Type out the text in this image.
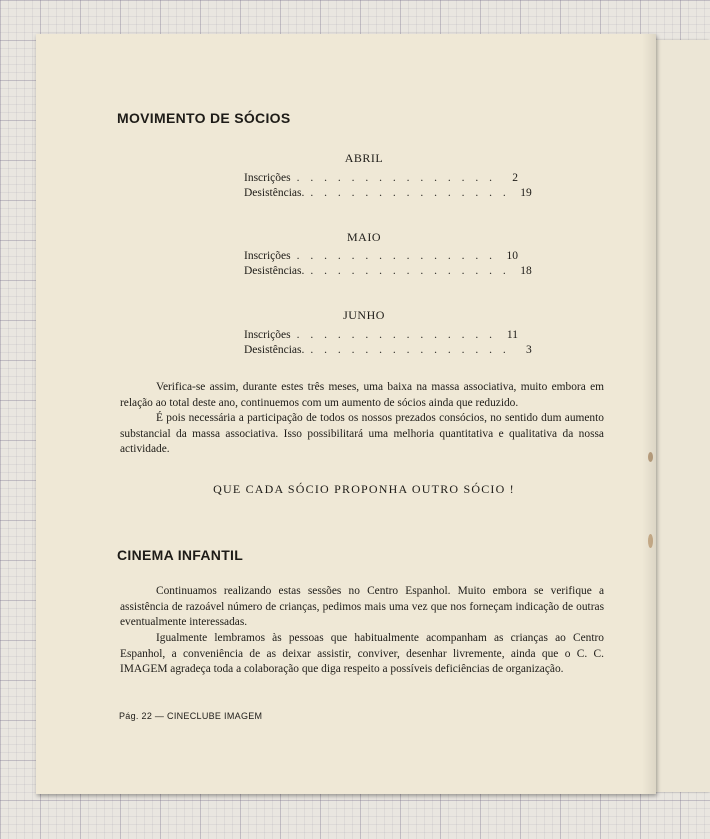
MOVIMENTO DE SÓCIOS
ABRIL
Inscrições . . . . . . . . . . . . . . .	2
Desistências. . . . . . . . . . . . . . . . 19
MAIO
Inscrições . . . . . . . . . . . . . . . 10
Desistências. . . . . . . . . . . . . . . . 18
JUNHO
Inscrições . . . . . . . . . . . . . . . 11
Desistências. . . . . . . . . . . . . . . .	3

Verifica-se assim, durante estes três meses, uma baixa na massa associativa, muito embora em relação ao total deste ano, continuemos com um aumento de sócios ainda que reduzido.

É pois necessária a participação de todos os nossos prezados consócios, no sentido dum aumento substancial da massa associativa. Isso possibilitará uma melhoria quantitativa e qualitativa da nossa actividade.

QUE CADA SÓCIO PROPONHA OUTRO SÓCIO !
CINEMA INFANTIL

Continuamos realizando estas sessões no Centro Espanhol. Muito embora se verifique a assistência de razoável número de crianças, pedimos mais uma vez que nos forneçam indicação de outras eventualmente interessadas.

Igualmente lembramos às pessoas que habitualmente acompanham as crianças ao Centro Espanhol, a conveniência de as deixar assistir, conviver, desenhar livremente, ainda que o C. C. IMAGEM agradeça toda a colaboração que diga respeito a possíveis deficiências de organização.

Pág. 22 — CINECLUBE IMAGEM
